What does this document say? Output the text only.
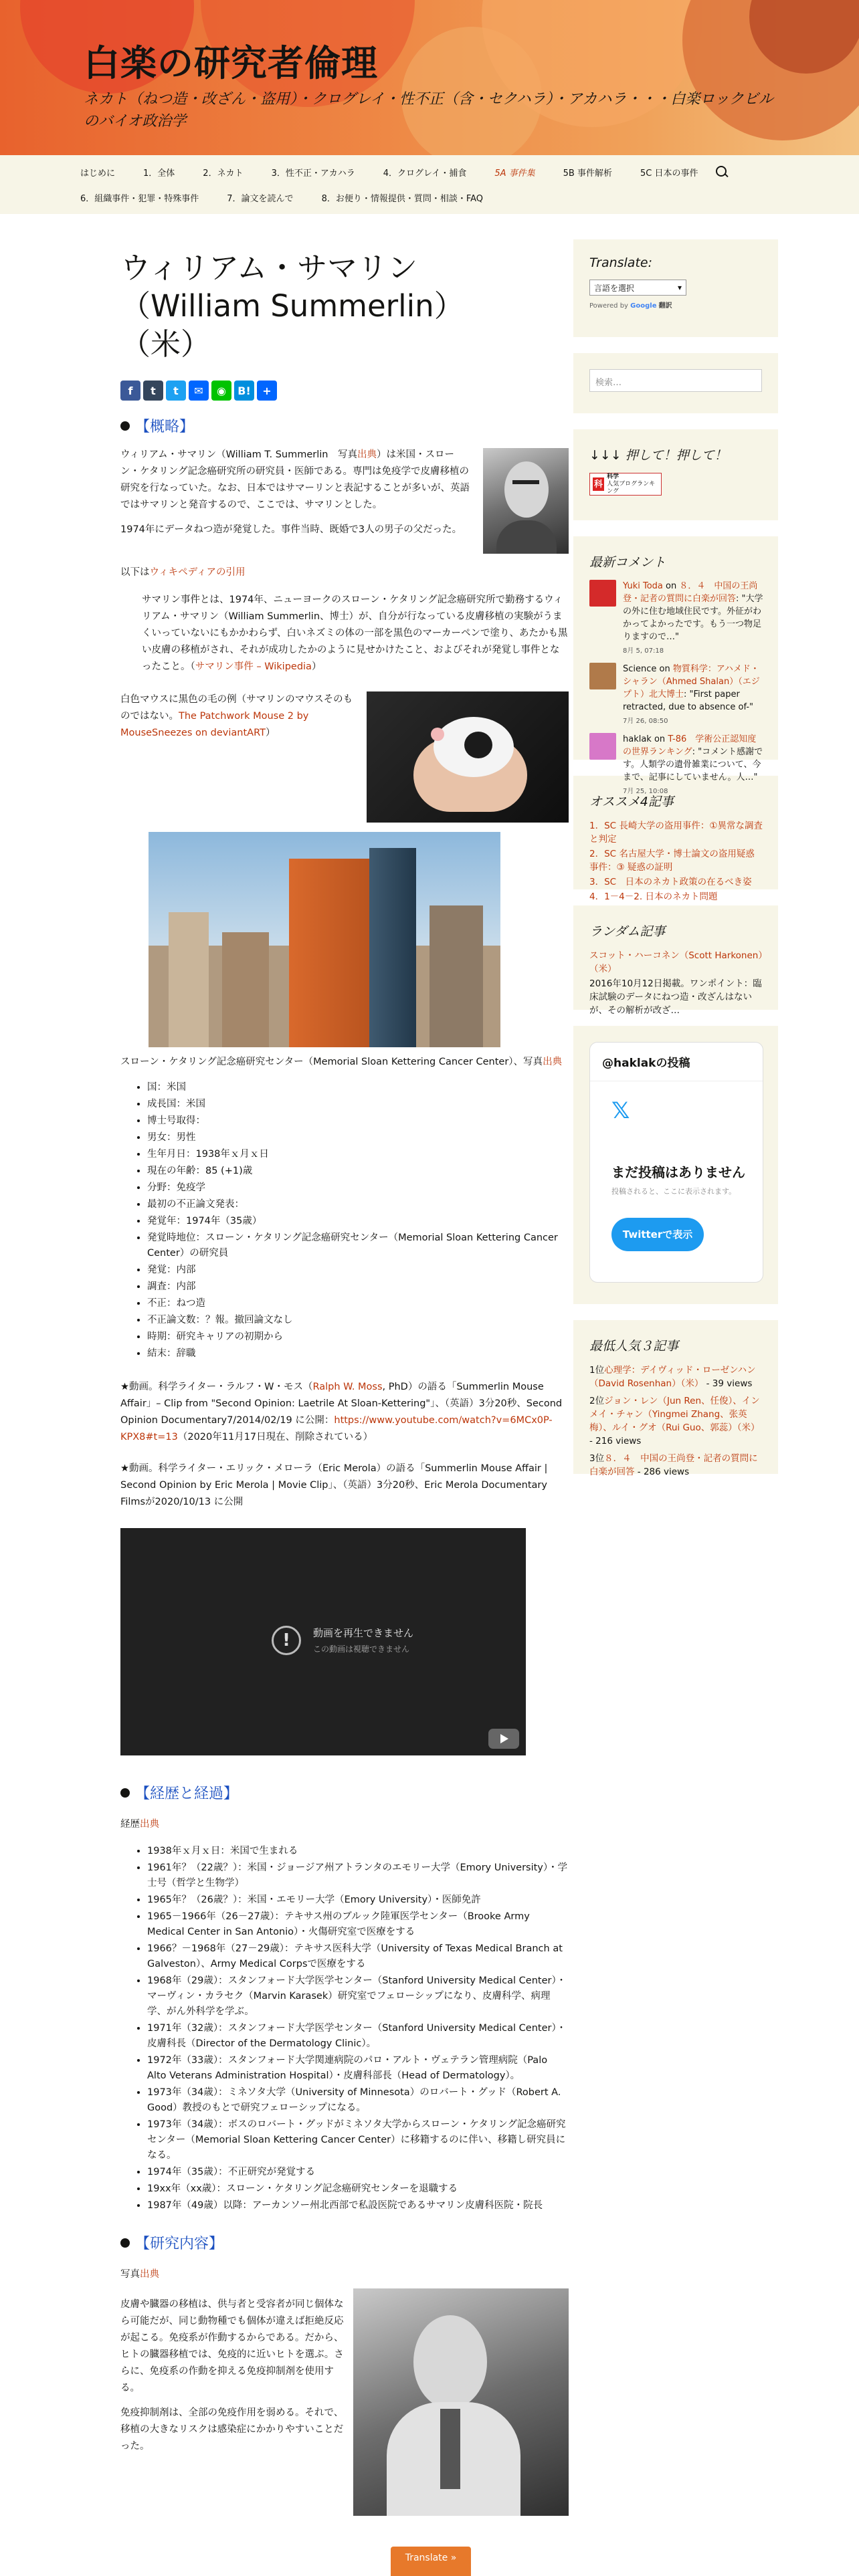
白楽の研究者倫理
ネカト（ねつ造・改ざん・盗用）・クログレイ・性不正（含・セクハラ）・アカハラ・・・白楽ロックビルのバイオ政治学
はじめに	1．全体	2．ネカト	3．性不正・アカハラ	4．クログレイ・捕食	5A 事件集	5B 事件解析	5C 日本の事件
6．組織事件・犯罪・特殊事件	7．論文を読んで	8．お便り・情報提供・質問・相談・FAQ
ウィリアム・サマリン
（William Summerlin）
（米）
f	t	t	✉	◉	B!	+
【概略】

ウィリアム・サマリン（William T. Summerlin　写真出典）は米国・スローン・ケタリング記念癌研究所の研究員・医師である。専門は免疫学で皮膚移植の研究を行なっていた。なお、日本ではサマーリンと表記することが多いが、英語ではサマリンと発音するので、ここでは、サマリンとした。

1974年にデータねつ造が発覚した。事件当時、既婚で3人の男子の父だった。

以下はウィキペディアの引用

サマリン事件とは、1974年、ニューヨークのスローン・ケタリング記念癌研究所で勤務するウィリアム・サマリン（William Summerlin、博士）が、自分が行なっている皮膚移植の実験がうまくいっていないにもかかわらず、白いネズミの体の一部を黒色のマーカーペンで塗り、あたかも黒い皮膚の移植がされ、それが成功したかのように見せかけたこと、およびそれが発覚し事件となったこと。（サマリン事件 – Wikipedia）
白色マウスに黒色の毛の例（サマリンのマウスそのものではない。The Patchwork Mouse 2 by MouseSneezes on deviantART）

スローン・ケタリング記念癌研究センター（Memorial Sloan Kettering Cancer Center）、写真出典

• 国：米国
• 成長国：米国
• 博士号取得：
• 男女：男性
• 生年月日：1938年ｘ月ｘ日
• 現在の年齢：85 (+1)歳
• 分野：免疫学
• 最初の不正論文発表：
• 発覚年：1974年（35歳）
• 発覚時地位：スローン・ケタリング記念癌研究センター（Memorial Sloan Kettering Cancer Center）の研究員
• 発覚：内部
• 調査：内部
• 不正：ねつ造
• 不正論文数：？報。撤回論文なし
• 時期：研究キャリアの初期から
• 結末：辞職

★動画。科学ライター・ラルフ・W・モス（Ralph W. Moss, PhD）の語る「Summerlin Mouse Affair」– Clip from "Second Opinion: Laetrile At Sloan-Kettering"」、（英語）3分20秒、Second Opinion Documentary7/2014/02/19 に公開：https://www.youtube.com/watch?v=6MCx0P-KPX8#t=13（2020年11月17日現在、削除されている）

★動画。科学ライター・エリック・メローラ（Eric Merola）の語る「Summerlin Mouse Affair | Second Opinion by Eric Merola | Movie Clip」、（英語）3分20秒、Eric Merola Documentary Filmsが2020/10/13 に公開

!	動画を再生できません
この動画は視聴できません
【経歴と経過】

経歴出典

• 1938年ｘ月ｘ日：米国で生まれる
• 1961年？（22歳？）：米国・ジョージア州アトランタのエモリー大学（Emory University）・学士号（哲学と生物学）
• 1965年？（26歳？）：米国・エモリー大学（Emory University）・医師免許
• 1965－1966年（26－27歳）：テキサス州のブルック陸軍医学センター（Brooke Army Medical Center in San Antonio）・火傷研究室で医療をする
• 1966？－1968年（27－29歳）：テキサス医科大学（University of Texas Medical Branch at Galveston）、Army Medical Corpsで医療をする
• 1968年（29歳）：スタンフォード大学医学センター（Stanford University Medical Center）・マーヴィン・カラセク（Marvin Karasek）研究室でフェローシップになり、皮膚科学、病理学、がん外科学を学ぶ。
• 1971年（32歳）：スタンフォード大学医学センター（Stanford University Medical Center）・皮膚科長（Director of the Dermatology Clinic）。
• 1972年（33歳）：スタンフォード大学関連病院のパロ・アルト・ヴェテラン管理病院（Palo Alto Veterans Administration Hospital）・皮膚科部長（Head of Dermatology）。
• 1973年（34歳）：ミネソタ大学（University of Minnesota）のロバート・グッド（Robert A. Good）教授のもとで研究フェローシップになる。
• 1973年（34歳）：ボスのロバート・グッドがミネソタ大学からスローン・ケタリング記念癌研究センター（Memorial Sloan Kettering Cancer Center）に移籍するのに伴い、移籍し研究員になる。
• 1974年（35歳）：不正研究が発覚する
• 19xx年（xx歳）：スローン・ケタリング記念癌研究センターを退職する
• 1987年（49歳）以降：アーカンソー州北西部で私設医院であるサマリン皮膚科医院・院長
【研究内容】

写真出典

皮膚や臓器の移植は、供与者と受容者が同じ個体なら可能だが、同じ動物種でも個体が違えば拒絶反応が起こる。免疫系が作動するからである。だから、ヒトの臓器移植では、免疫的に近いヒトを選ぶ。さらに、免疫系の作動を抑える免疫抑制剤を使用する。

免疫抑制剤は、全部の免疫作用を弱める。それで、移植の大きなリスクは感染症にかかりやすいことだった。

Translate:
言語を選択	▾
Powered by Google 翻訳
検索…
↓↓↓ 押して！押して！
科
科学
人気ブログランキング
最新コメント
Yuki Toda on ８．４　中国の王尚登・記者の質問に白楽が回答: "大学の外に住む地域住民です。外征がわかってよかったです。もう一つ物足りますので…"
8月 5, 07:18
Science on 物質科学：アハメド・シャラン（Ahmed Shalan）（エジプト）北大博士: "First paper retracted, due to absence of-"
7月 26, 08:50
haklak on T-86　学術公正認知度の世界ランキング: "コメント感謝です。人類学の遺骨雑業について、今まで、記事にしていません。人…"
7月 25, 10:08
オススメ4記事
1．SC 長崎大学の盗用事件：①異常な調査と判定
2．SC 名古屋大学・博士論文の盗用疑惑事件：③ 疑惑の証明
3．SC　日本のネカト政策の在るべき姿
4．1－4－2. 日本のネカト問題
ランダム記事
スコット・ハーコネン（Scott Harkonen）（米）
2016年10月12日掲載。ワンポイント：臨床試験のデータにねつ造・改ざんはないが、その解析が改ざ…
@haklakの投稿
𝕏
まだ投稿はありません
投稿されると、ここに表示されます。
Twitterで表示
最低人気３記事
1位心理学：デイヴィッド・ローゼンハン（David Rosenhan）（米） - 39 views
2位ジョン・レン（Jun Ren、任俊）、インメイ・チャン（Yingmei Zhang、张英梅）、ルイ・グオ（Rui Guo、郭蕊）（米） - 216 views
3位８．４　中国の王尚登・記者の質問に白楽が回答 - 286 views
Translate »
